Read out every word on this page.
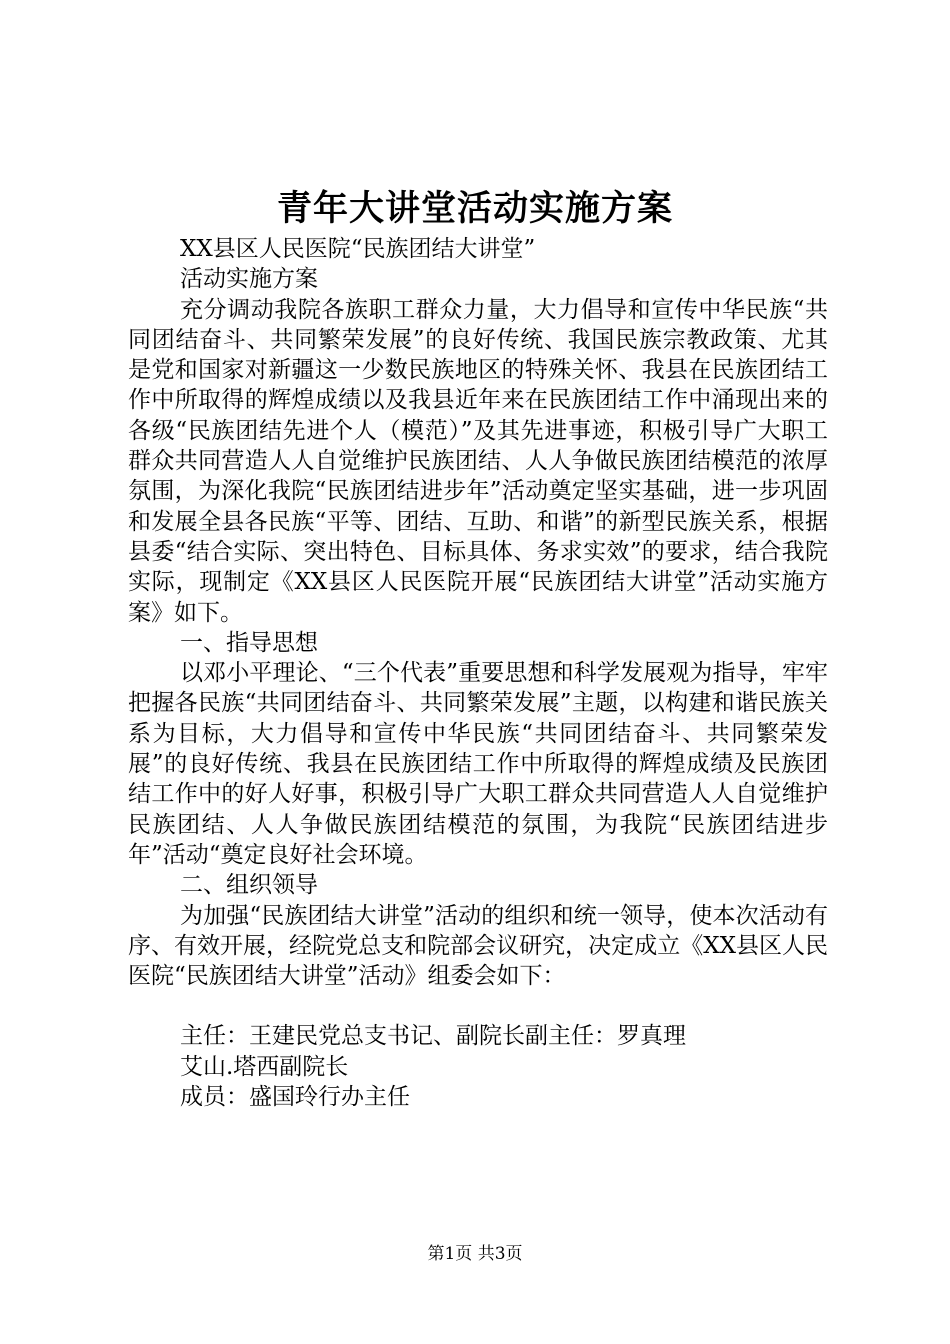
青年大讲堂活动实施方案

XX县区人民医院“民族团结大讲堂”

活动实施方案

充分调动我院各族职工群众力量，大力倡导和宣传中华民族“共同团结奋斗、共同繁荣发展”的良好传统、我国民族宗教政策、尤其是党和国家对新疆这一少数民族地区的特殊关怀、我县在民族团结工作中所取得的辉煌成绩以及我县近年来在民族团结工作中涌现出来的各级“民族团结先进个人（模范）”及其先进事迹，积极引导广大职工群众共同营造人人自觉维护民族团结、人人争做民族团结模范的浓厚氛围，为深化我院“民族团结进步年”活动奠定坚实基础，进一步巩固和发展全县各民族“平等、团结、互助、和谐”的新型民族关系，根据县委“结合实际、突出特色、目标具体、务求实效”的要求，结合我院实际，现制定《XX县区人民医院开展“民族团结大讲堂”活动实施方案》如下。

一、指导思想

以邓小平理论、“三个代表”重要思想和科学发展观为指导，牢牢把握各民族“共同团结奋斗、共同繁荣发展”主题，以构建和谐民族关系为目标，大力倡导和宣传中华民族“共同团结奋斗、共同繁荣发展”的良好传统、我县在民族团结工作中所取得的辉煌成绩及民族团结工作中的好人好事，积极引导广大职工群众共同营造人人自觉维护民族团结、人人争做民族团结模范的氛围，为我院“民族团结进步年”活动“奠定良好社会环境。

二、组织领导

为加强“民族团结大讲堂”活动的组织和统一领导，使本次活动有序、有效开展，经院党总支和院部会议研究，决定成立《XX县区人民医院“民族团结大讲堂”活动》组委会如下：

主任：王建民党总支书记、副院长副主任：罗真理

艾山.塔西副院长

成员：盛国玲行办主任

第1页 共3页
